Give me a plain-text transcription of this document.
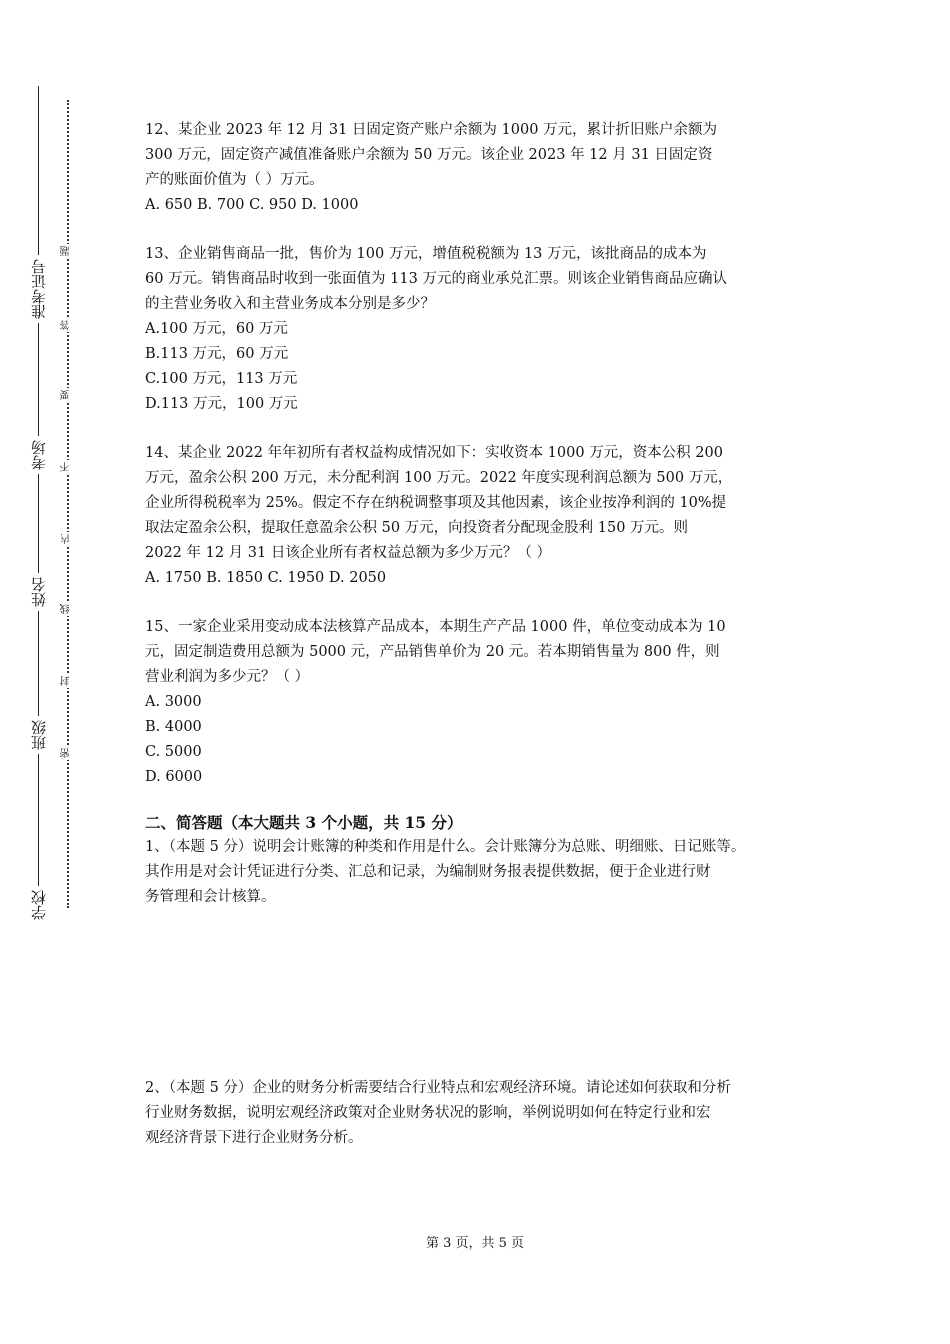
准考证号
考场
姓名
班级
学校
题
答
要
不
内
线
封
密
12、某企业 2023 年 12 月 31 日固定资产账户余额为 1000 万元，累计折旧账户余额为
300 万元，固定资产减值准备账户余额为 50 万元。该企业 2023 年 12 月 31 日固定资
产的账面价值为（ ）万元。
A. 650 B. 700 C. 950 D. 1000
13、企业销售商品一批，售价为 100 万元，增值税税额为 13 万元，该批商品的成本为
60 万元。销售商品时收到一张面值为 113 万元的商业承兑汇票。则该企业销售商品应确认
的主营业务收入和主营业务成本分别是多少？
A.100 万元，60 万元
B.113 万元，60 万元
C.100 万元，113 万元
D.113 万元，100 万元
14、某企业 2022 年年初所有者权益构成情况如下：实收资本 1000 万元，资本公积 200
万元，盈余公积 200 万元，未分配利润 100 万元。2022 年度实现利润总额为 500 万元，
企业所得税税率为 25%。假定不存在纳税调整事项及其他因素，该企业按净利润的 10%提
取法定盈余公积，提取任意盈余公积 50 万元，向投资者分配现金股利 150 万元。则
2022 年 12 月 31 日该企业所有者权益总额为多少万元？（ ）
A. 1750 B. 1850 C. 1950 D. 2050
15、一家企业采用变动成本法核算产品成本，本期生产产品 1000 件，单位变动成本为 10
元，固定制造费用总额为 5000 元，产品销售单价为 20 元。若本期销售量为 800 件，则
营业利润为多少元？（ ）
A. 3000
B. 4000
C. 5000
D. 6000
二、简答题（本大题共 3 个小题，共 15 分）
1、（本题 5 分）说明会计账簿的种类和作用是什么。会计账簿分为总账、明细账、日记账等。
其作用是对会计凭证进行分类、汇总和记录，为编制财务报表提供数据，便于企业进行财
务管理和会计核算。
2、（本题 5 分）企业的财务分析需要结合行业特点和宏观经济环境。请论述如何获取和分析
行业财务数据，说明宏观经济政策对企业财务状况的影响，举例说明如何在特定行业和宏
观经济背景下进行企业财务分析。
第 3 页，共 5 页
